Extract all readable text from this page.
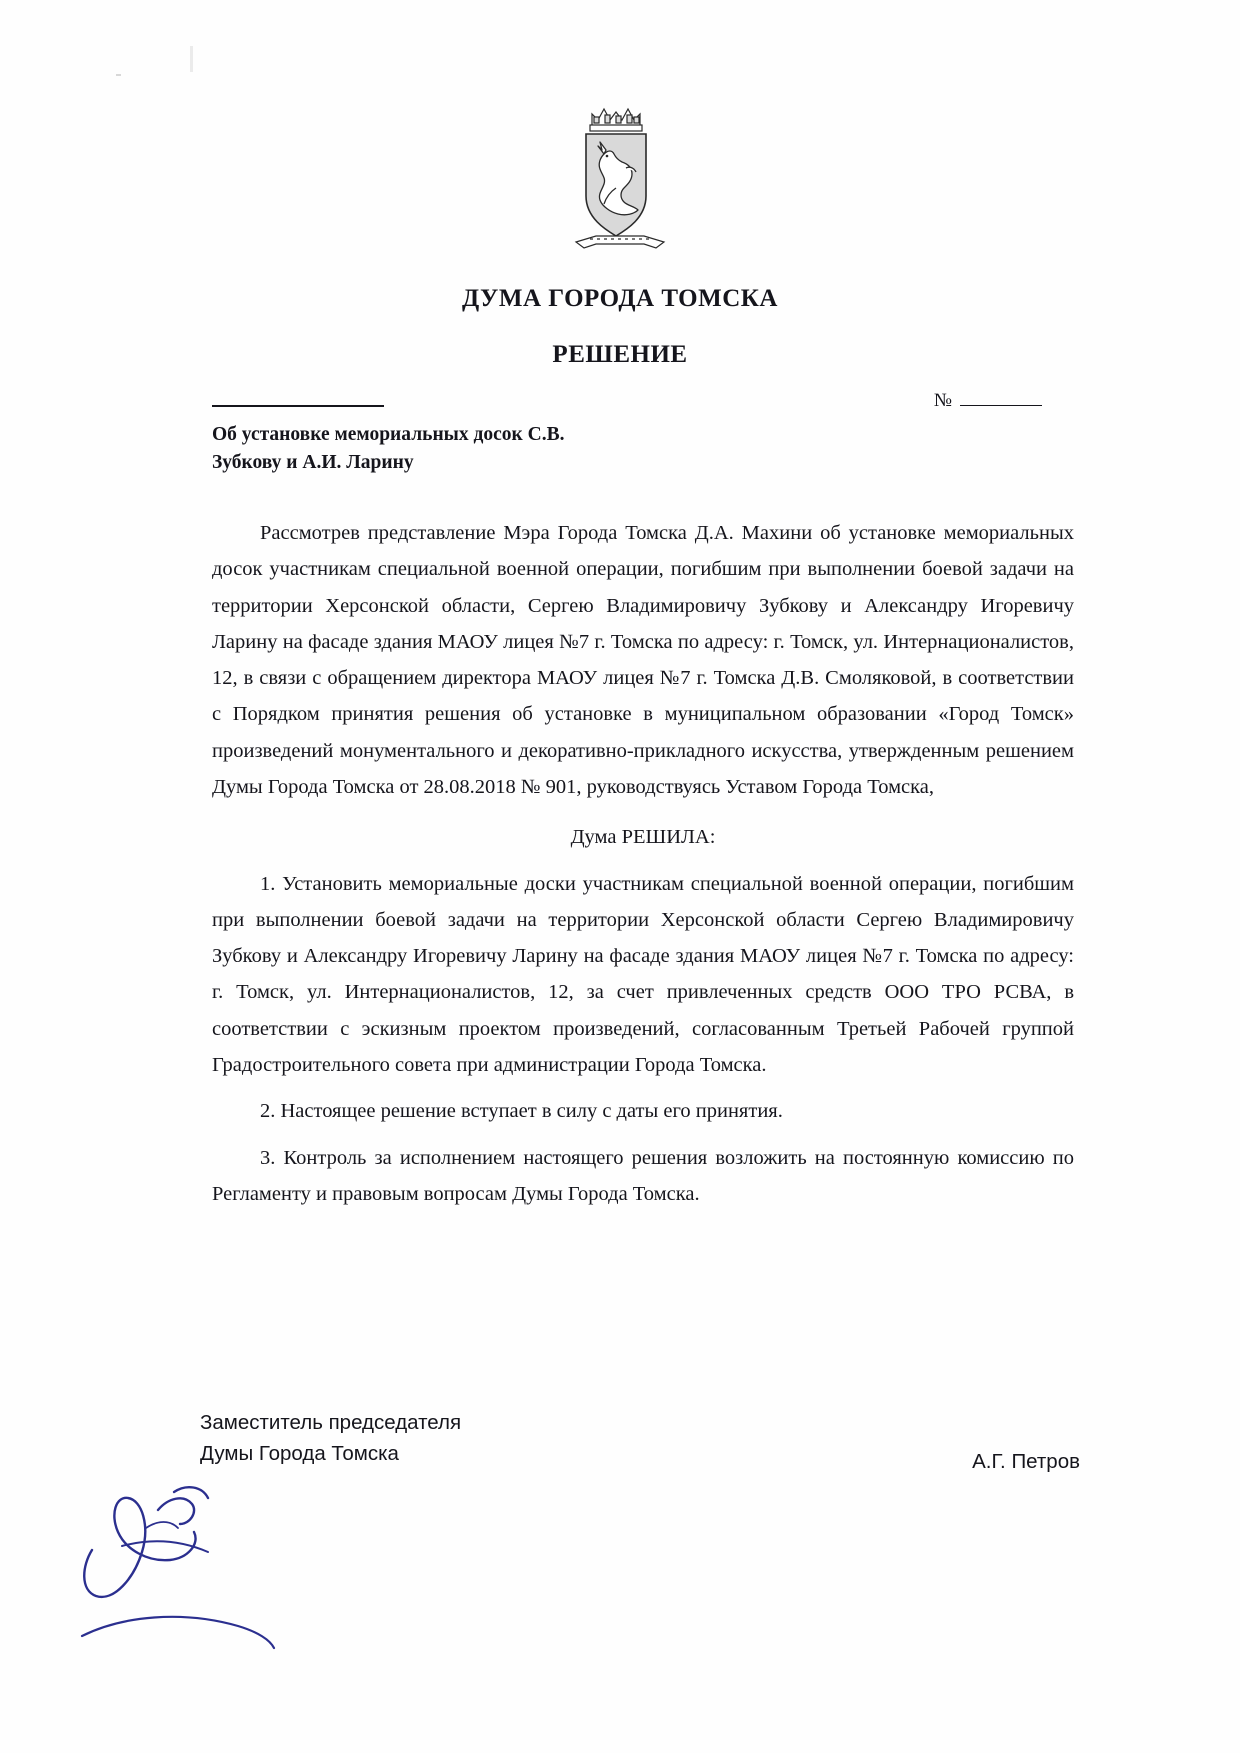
ДУМА ГОРОДА ТОМСКА
РЕШЕНИЕ
№
Об установке мемориальных досок С.В. Зубкову и А.И. Ларину

Рассмотрев представление Мэра Города Томска Д.А. Махини об установке мемориальных досок участникам специальной военной операции, погибшим при выполнении боевой задачи на территории Херсонской области, Сергею Владимировичу Зубкову и Александру Игоревичу Ларину на фасаде здания МАОУ лицея №7 г. Томска по адресу: г. Томск, ул. Интернационалистов, 12, в связи с обращением директора МАОУ лицея №7 г. Томска Д.В. Смоляковой, в соответствии с Порядком принятия решения об установке в муниципальном образовании «Город Томск» произведений монументального и декоративно-прикладного искусства, утвержденным решением Думы Города Томска от 28.08.2018 № 901, руководствуясь Уставом Города Томска,

Дума РЕШИЛА:

1. Установить мемориальные доски участникам специальной военной операции, погибшим при выполнении боевой задачи на территории Херсонской области Сергею Владимировичу Зубкову и Александру Игоревичу Ларину на фасаде здания МАОУ лицея №7 г. Томска по адресу: г. Томск, ул. Интернационалистов, 12, за счет привлеченных средств ООО ТРО РСВА, в соответствии с эскизным проектом произведений, согласованным Третьей Рабочей группой Градостроительного совета при администрации Города Томска.

2. Настоящее решение вступает в силу с даты его принятия.

3. Контроль за исполнением настоящего решения возложить на постоянную комиссию по Регламенту и правовым вопросам Думы Города Томска.

Заместитель председателя
Думы Города Томска	А.Г. Петров
